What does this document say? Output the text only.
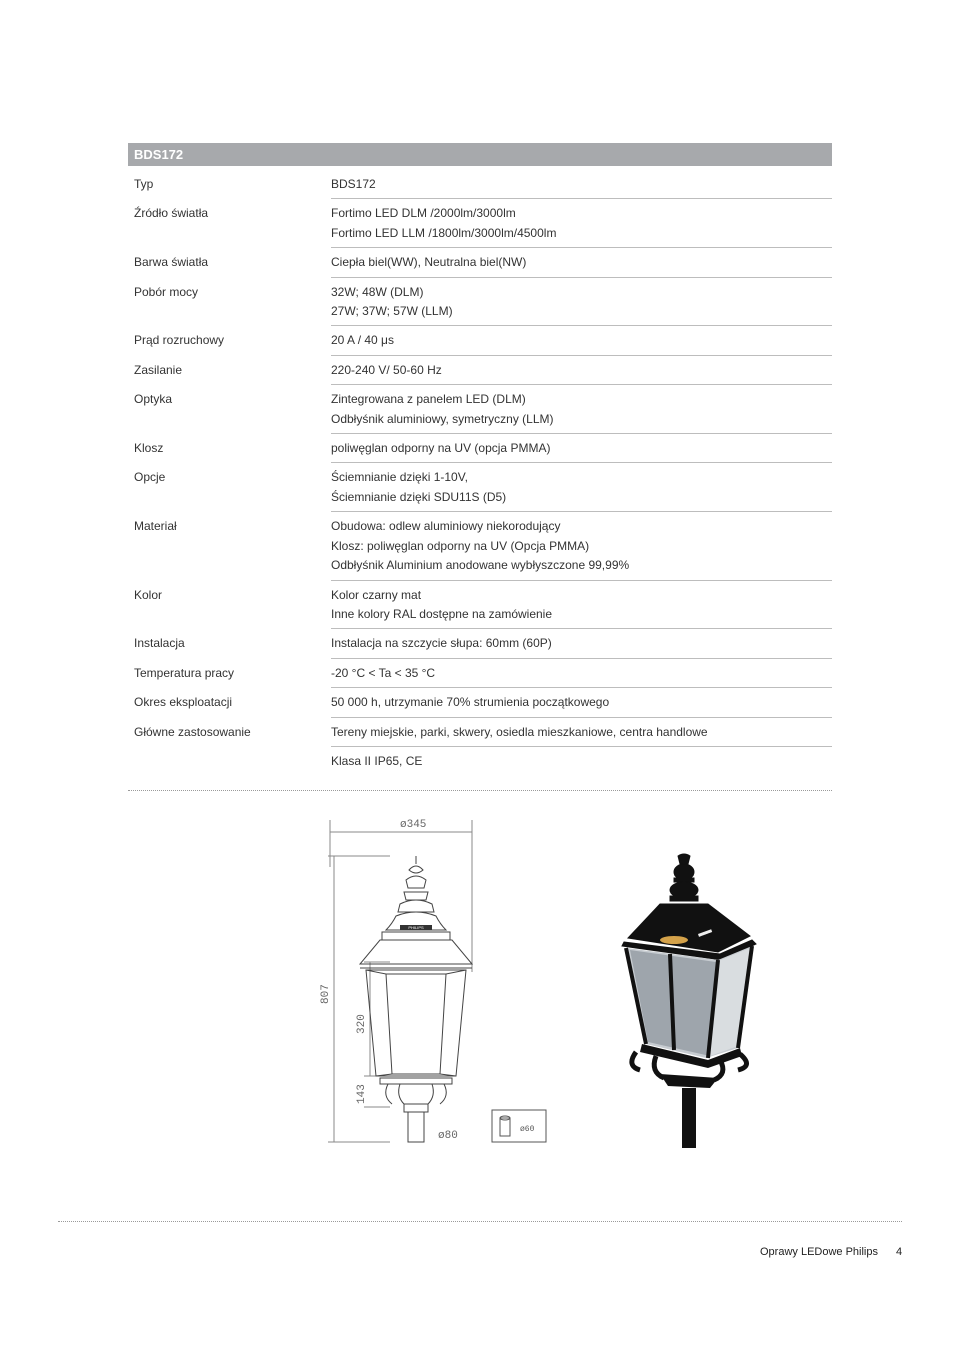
BDS172
Typ	BDS172
Źródło światła	Fortimo LED DLM /2000lm/3000lm
Fortimo LED LLM /1800lm/3000lm/4500lm
Barwa światła	Ciepła biel(WW), Neutralna biel(NW)
Pobór mocy	32W; 48W (DLM)
27W; 37W; 57W (LLM)
Prąd rozruchowy	20 A / 40 μs
Zasilanie	220-240 V/ 50-60 Hz
Optyka	Zintegrowana z panelem LED (DLM)
Odbłyśnik aluminiowy, symetryczny (LLM)
Klosz	poliwęglan odporny na UV (opcja PMMA)
Opcje	Ściemnianie dzięki 1-10V,
Ściemnianie dzięki SDU11S (D5)
Materiał	Obudowa: odlew aluminiowy niekorodujący
Klosz: poliwęglan odporny na UV (Opcja PMMA)
Odbłyśnik Aluminium anodowane wybłyszczone 99,99%
Kolor	Kolor czarny mat
Inne kolory RAL dostępne na zamówienie
Instalacja	Instalacja na szczycie słupa: 60mm (60P)
Temperatura pracy	-20 °C < Ta < 35 °C
Okres eksploatacji	50 000 h, utrzymanie 70% strumienia początkowego
Główne zastosowanie	Tereny miejskie, parki, skwery, osiedla mieszkaniowe, centra handlowe
Klasa II IP65, CE
PHILIPS
ø345
807
320
143
ø80
ø60
PHILIPS
Oprawy LEDowe Philips 4
